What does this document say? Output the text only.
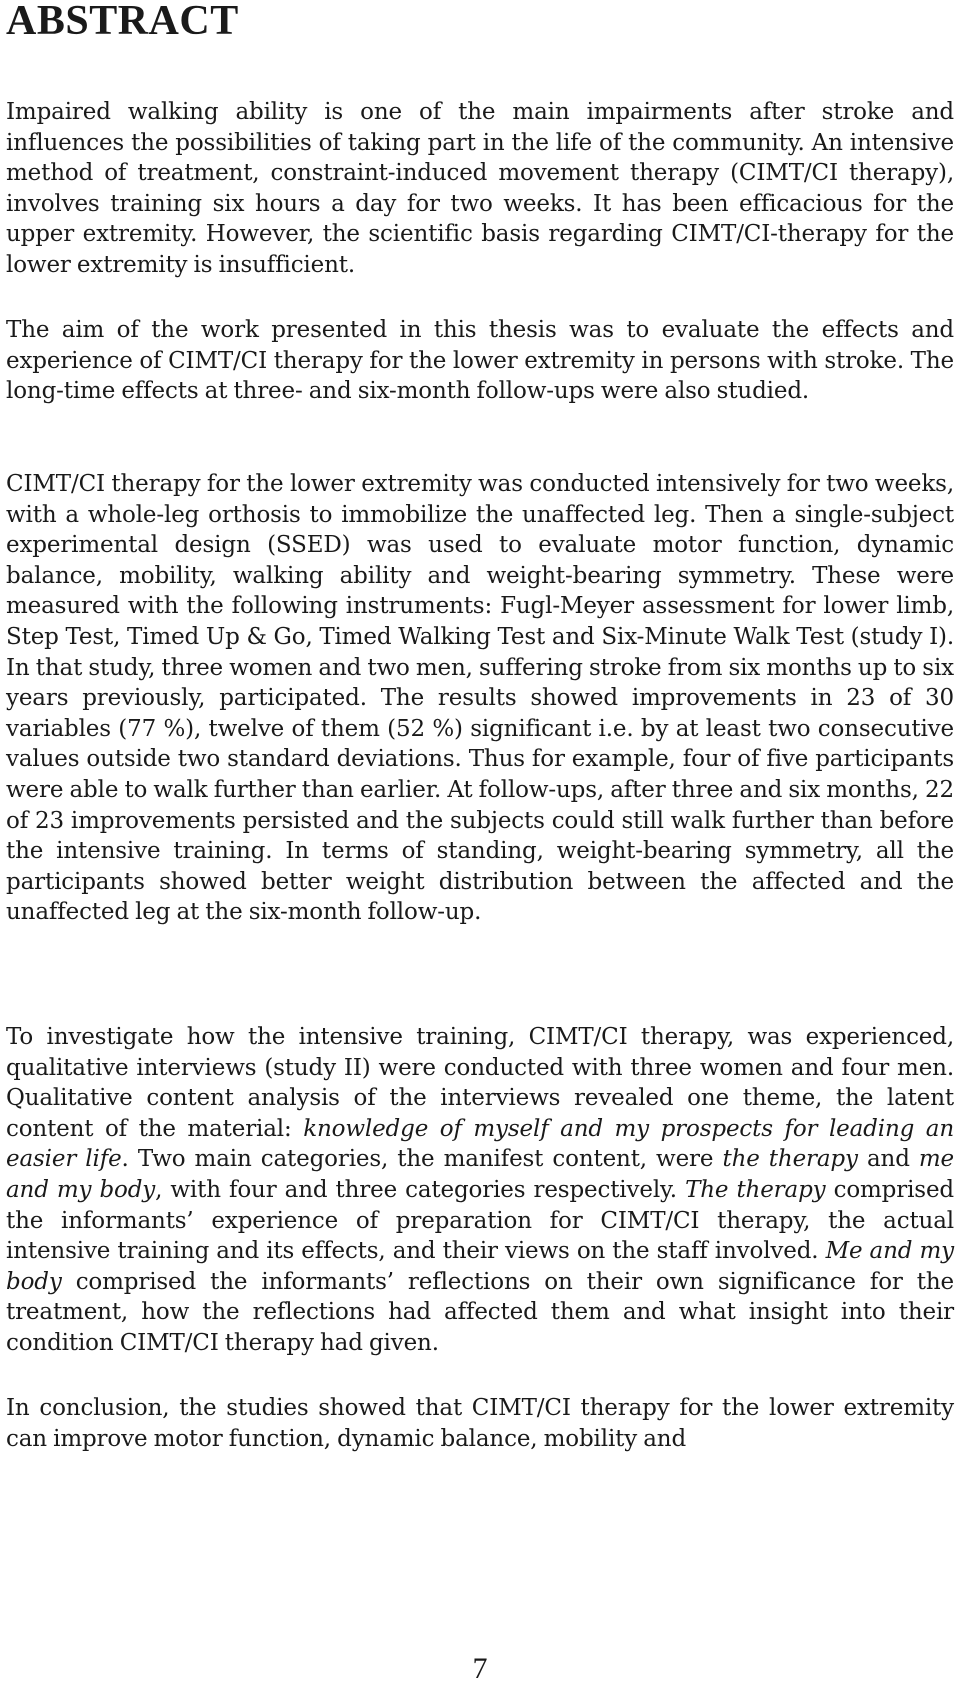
ABSTRACT

Impaired walking ability is one of the main impairments after stroke and influences the possibilities of taking part in the life of the community. An intensive method of treatment, constraint-induced movement therapy (CIMT/CI therapy), involves training six hours a day for two weeks. It has been efficacious for the upper extremity. However, the scientific basis regarding CIMT/CI-therapy for the lower extremity is insufficient.

The aim of the work presented in this thesis was to evaluate the effects and experience of CIMT/CI therapy for the lower extremity in persons with stroke. The long-time effects at three- and six-month follow-ups were also studied.

CIMT/CI therapy for the lower extremity was conducted intensively for two weeks, with a whole-leg orthosis to immobilize the unaffected leg. Then a single-subject experimental design (SSED) was used to evaluate motor function, dynamic balance, mobility, walking ability and weight-bearing symmetry. These were measured with the following instruments: Fugl-Meyer assessment for lower limb, Step Test, Timed Up & Go, Timed Walking Test and Six-Minute Walk Test (study I). In that study, three women and two men, suffering stroke from six months up to six years previously, participated. The results showed improvements in 23 of 30 variables (77 %), twelve of them (52 %) significant i.e. by at least two consecutive values outside two standard deviations. Thus for example, four of five participants were able to walk further than earlier. At follow-ups, after three and six months, 22 of 23 improvements persisted and the subjects could still walk further than before the intensive training. In terms of standing, weight-bearing symmetry, all the participants showed better weight distribution between the affected and the unaffected leg at the six-month follow-up.

To investigate how the intensive training, CIMT/CI therapy, was experienced, qualitative interviews (study II) were conducted with three women and four men. Qualitative content analysis of the interviews revealed one theme, the latent content of the material: knowledge of myself and my prospects for leading an easier life. Two main categories, the manifest content, were the therapy and me and my body, with four and three categories respectively. The therapy comprised the informants’ experience of preparation for CIMT/CI therapy, the actual intensive training and its effects, and their views on the staff involved. Me and my body comprised the informants’ reflections on their own significance for the treatment, how the reflections had affected them and what insight into their condition CIMT/CI therapy had given.

In conclusion, the studies showed that CIMT/CI therapy for the lower extremity can improve motor function, dynamic balance, mobility and

7
